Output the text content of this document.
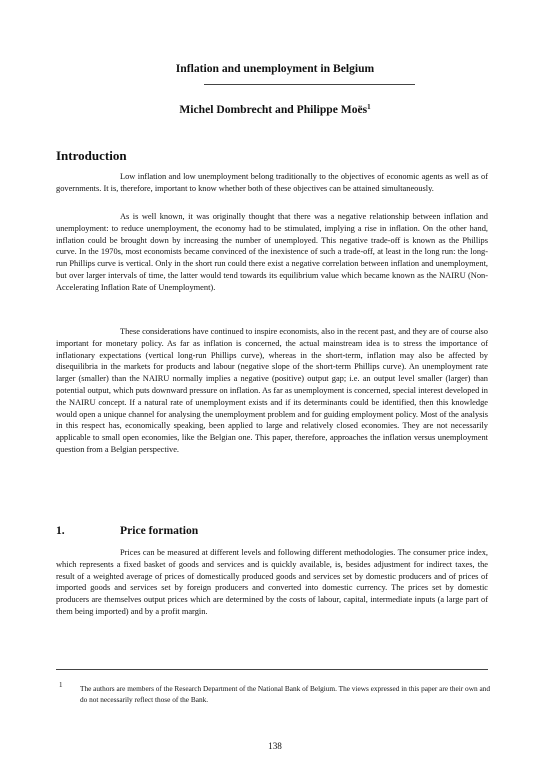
Inflation and unemployment in Belgium
Michel Dombrecht and Philippe Moës$^1$
Introduction

Low inflation and low unemployment belong traditionally to the objectives of economic agents as well as of governments. It is, therefore, important to know whether both of these objectives can be attained simultaneously.

As is well known, it was originally thought that there was a negative relationship between inflation and unemployment: to reduce unemployment, the economy had to be stimulated, implying a rise in inflation. On the other hand, inflation could be brought down by increasing the number of unemployed. This negative trade-off is known as the Phillips curve. In the 1970s, most economists became convinced of the inexistence of such a trade-off, at least in the long run: the long-run Phillips curve is vertical. Only in the short run could there exist a negative correlation between inflation and unemployment, but over larger intervals of time, the latter would tend towards its equilibrium value which became known as the NAIRU (Non-Accelerating Inflation Rate of Unemployment).

These considerations have continued to inspire economists, also in the recent past, and they are of course also important for monetary policy. As far as inflation is concerned, the actual mainstream idea is to stress the importance of inflationary expectations (vertical long-run Phillips curve), whereas in the short-term, inflation may also be affected by disequilibria in the markets for products and labour (negative slope of the short-term Phillips curve). An unemployment rate larger (smaller) than the NAIRU normally implies a negative (positive) output gap; i.e. an output level smaller (larger) than potential output, which puts downward pressure on inflation. As far as unemployment is concerned, special interest developed in the NAIRU concept. If a natural rate of unemployment exists and if its determinants could be identified, then this knowledge would open a unique channel for analysing the unemployment problem and for guiding employment policy. Most of the analysis in this respect has, economically speaking, been applied to large and relatively closed economies. They are not necessarily applicable to small open economies, like the Belgian one. This paper, therefore, approaches the inflation versus unemployment question from a Belgian perspective.

1.	Price formation

Prices can be measured at different levels and following different methodologies. The consumer price index, which represents a fixed basket of goods and services and is quickly available, is, besides adjustment for indirect taxes, the result of a weighted average of prices of domestically produced goods and services set by domestic producers and of prices of imported goods and services set by foreign producers and converted into domestic currency. The prices set by domestic producers are themselves output prices which are determined by the costs of labour, capital, intermediate inputs (a large part of them being imported) and by a profit margin.

1 The authors are members of the Research Department of the National Bank of Belgium. The views expressed in this paper are their own and do not necessarily reflect those of the Bank.

138
